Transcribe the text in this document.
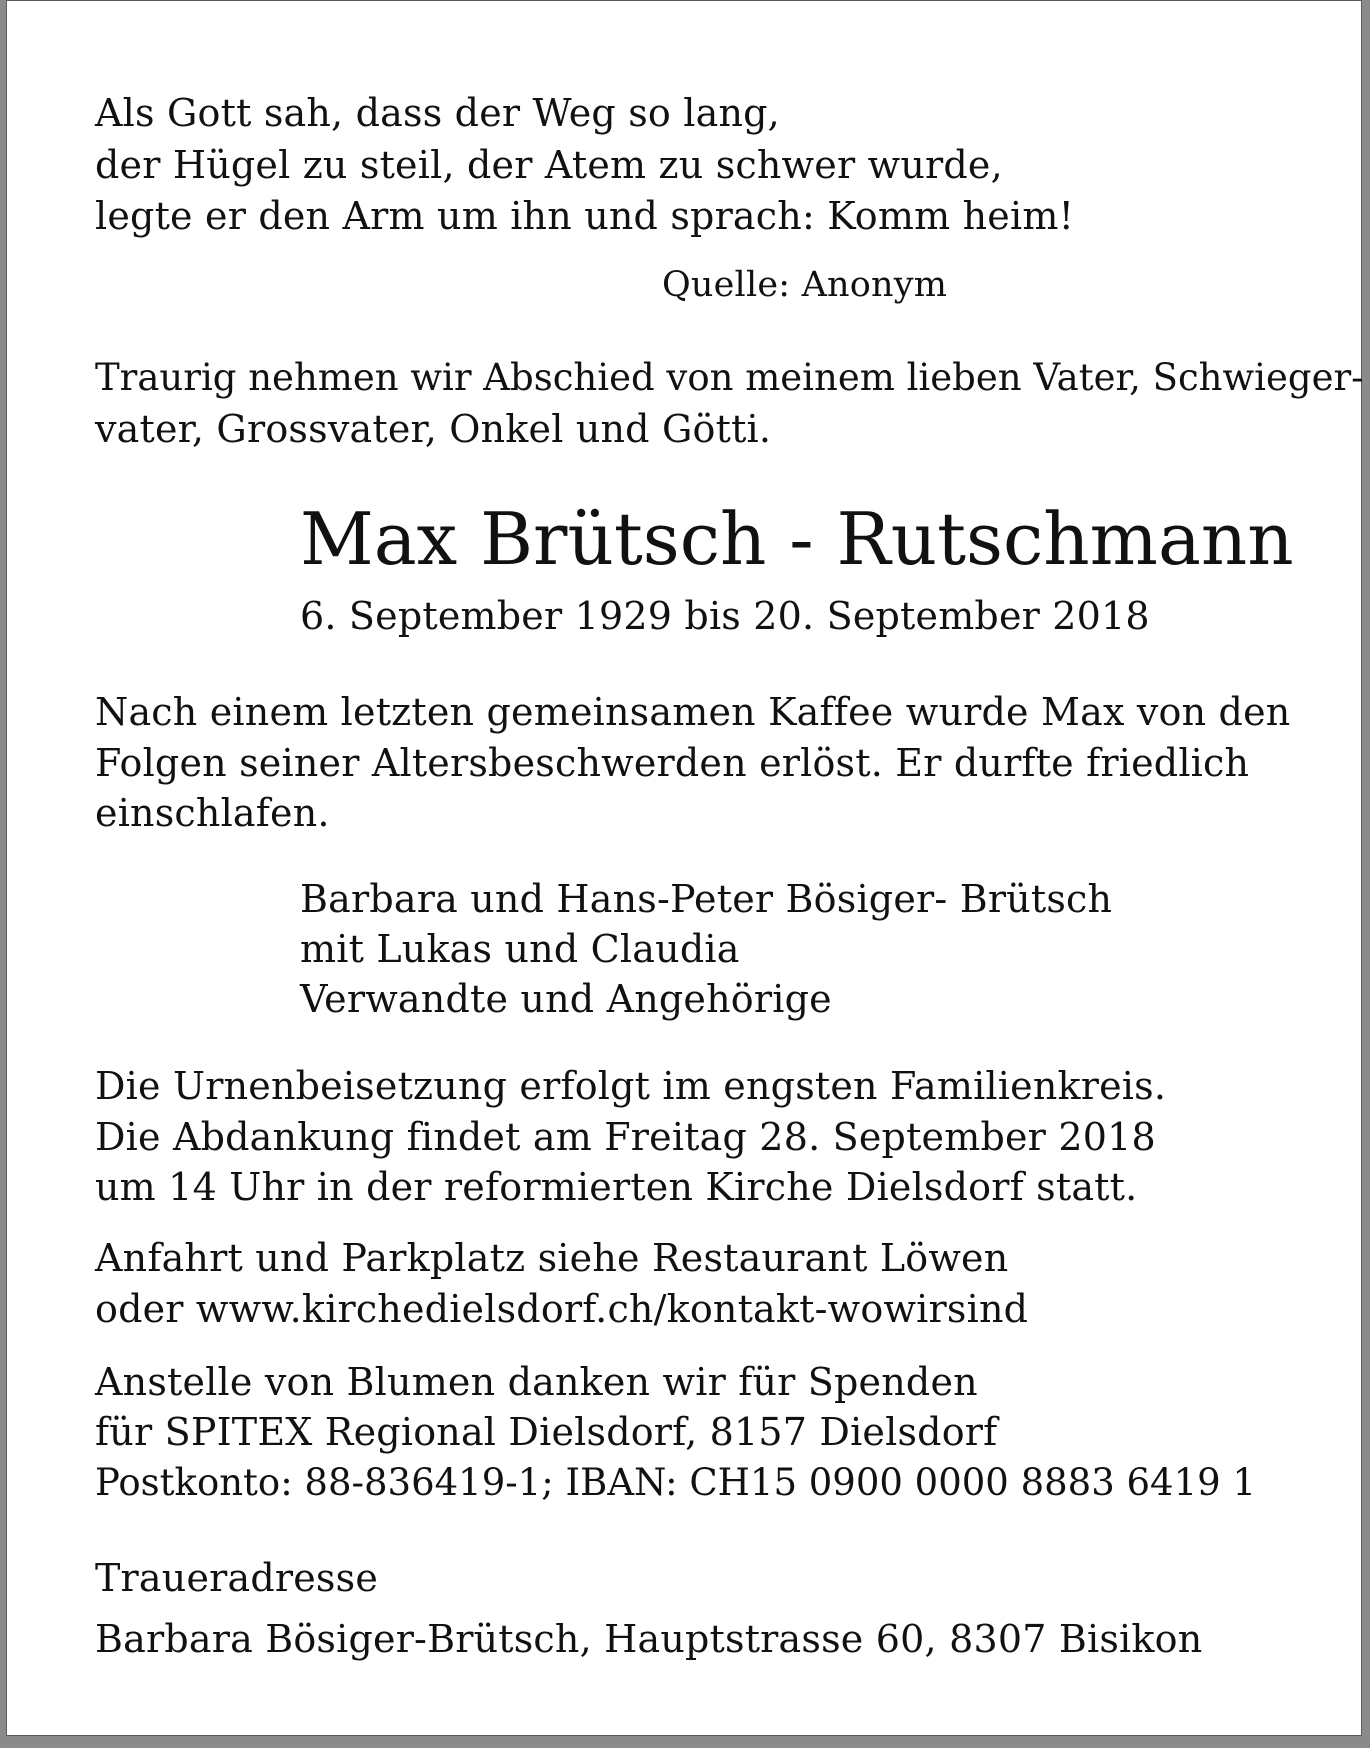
Als Gott sah, dass der Weg so lang,
der Hügel zu steil, der Atem zu schwer wurde,
legte er den Arm um ihn und sprach: Komm heim!
Quelle: Anonym
Traurig nehmen wir Abschied von meinem lieben Vater, Schwieger-
vater, Grossvater, Onkel und Götti.
Max Brütsch - Rutschmann
6. September 1929 bis 20. September 2018
Nach einem letzten gemeinsamen Kaffee wurde Max von den
Folgen seiner Altersbeschwerden erlöst. Er durfte friedlich
einschlafen.
Barbara und Hans-Peter Bösiger- Brütsch
mit Lukas und Claudia
Verwandte und Angehörige
Die Urnenbeisetzung erfolgt im engsten Familienkreis.
Die Abdankung findet am Freitag 28. September 2018
um 14 Uhr in der reformierten Kirche Dielsdorf statt.
Anfahrt und Parkplatz siehe Restaurant Löwen
oder www.kirchedielsdorf.ch/kontakt-wowirsind
Anstelle von Blumen danken wir für Spenden
für SPITEX Regional Dielsdorf, 8157 Dielsdorf
Postkonto: 88-836419-1; IBAN: CH15 0900 0000 8883 6419 1
Traueradresse
Barbara Bösiger-Brütsch, Hauptstrasse 60, 8307 Bisikon
